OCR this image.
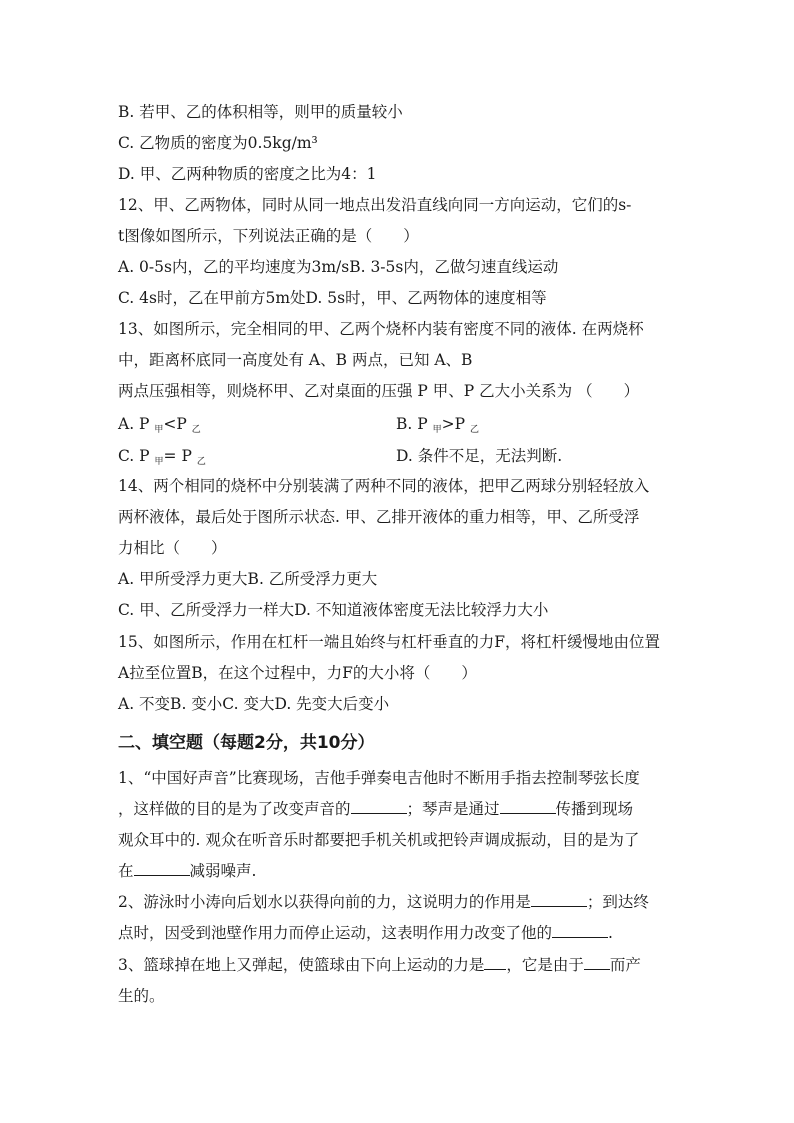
B. 若甲、乙的体积相等，则甲的质量较小
C. 乙物质的密度为0.5kg/m³
D. 甲、乙两种物质的密度之比为4：1
12、甲、乙两物体，同时从同一地点出发沿直线向同一方向运动，它们的s-
t图像如图所示，下列说法正确的是（　　）
A. 0-5s内，乙的平均速度为3m/sB. 3-5s内，乙做匀速直线运动
C. 4s时，乙在甲前方5m处D. 5s时，甲、乙两物体的速度相等
13、如图所示，完全相同的甲、乙两个烧杯内装有密度不同的液体. 在两烧杯
中，距离杯底同一高度处有 A、B 两点，已知 A、B
两点压强相等，则烧杯甲、乙对桌面的压强 P 甲、P 乙大小关系为 （　　）
A. P $_甲$<P $_乙$	B. P $_甲$>P $_乙$
C. P $_甲$= P $_乙$	D. 条件不足，无法判断.
14、两个相同的烧杯中分别装满了两种不同的液体，把甲乙两球分别轻轻放入
两杯液体，最后处于图所示状态. 甲、乙排开液体的重力相等，甲、乙所受浮
力相比（　　）
A. 甲所受浮力更大B. 乙所受浮力更大
C. 甲、乙所受浮力一样大D. 不知道液体密度无法比较浮力大小
15、如图所示，作用在杠杆一端且始终与杠杆垂直的力F，将杠杆缓慢地由位置
A拉至位置B，在这个过程中，力F的大小将（　　）
A. 不变B. 变小C. 变大D. 先变大后变小
二、填空题（每题2分，共10分）
1、“中国好声音”比赛现场，吉他手弹奏电吉他时不断用手指去控制琴弦长度
，这样做的目的是为了改变声音的	；琴声是通过	传播到现场
观众耳中的. 观众在听音乐时都要把手机关机或把铃声调成振动，目的是为了
在	减弱噪声.
2、游泳时小涛向后划水以获得向前的力，这说明力的作用是	；到达终
点时，因受到池壁作用力而停止运动，这表明作用力改变了他的	.
3、篮球掉在地上又弹起，使篮球由下向上运动的力是 ，它是由于 而产
生的。
